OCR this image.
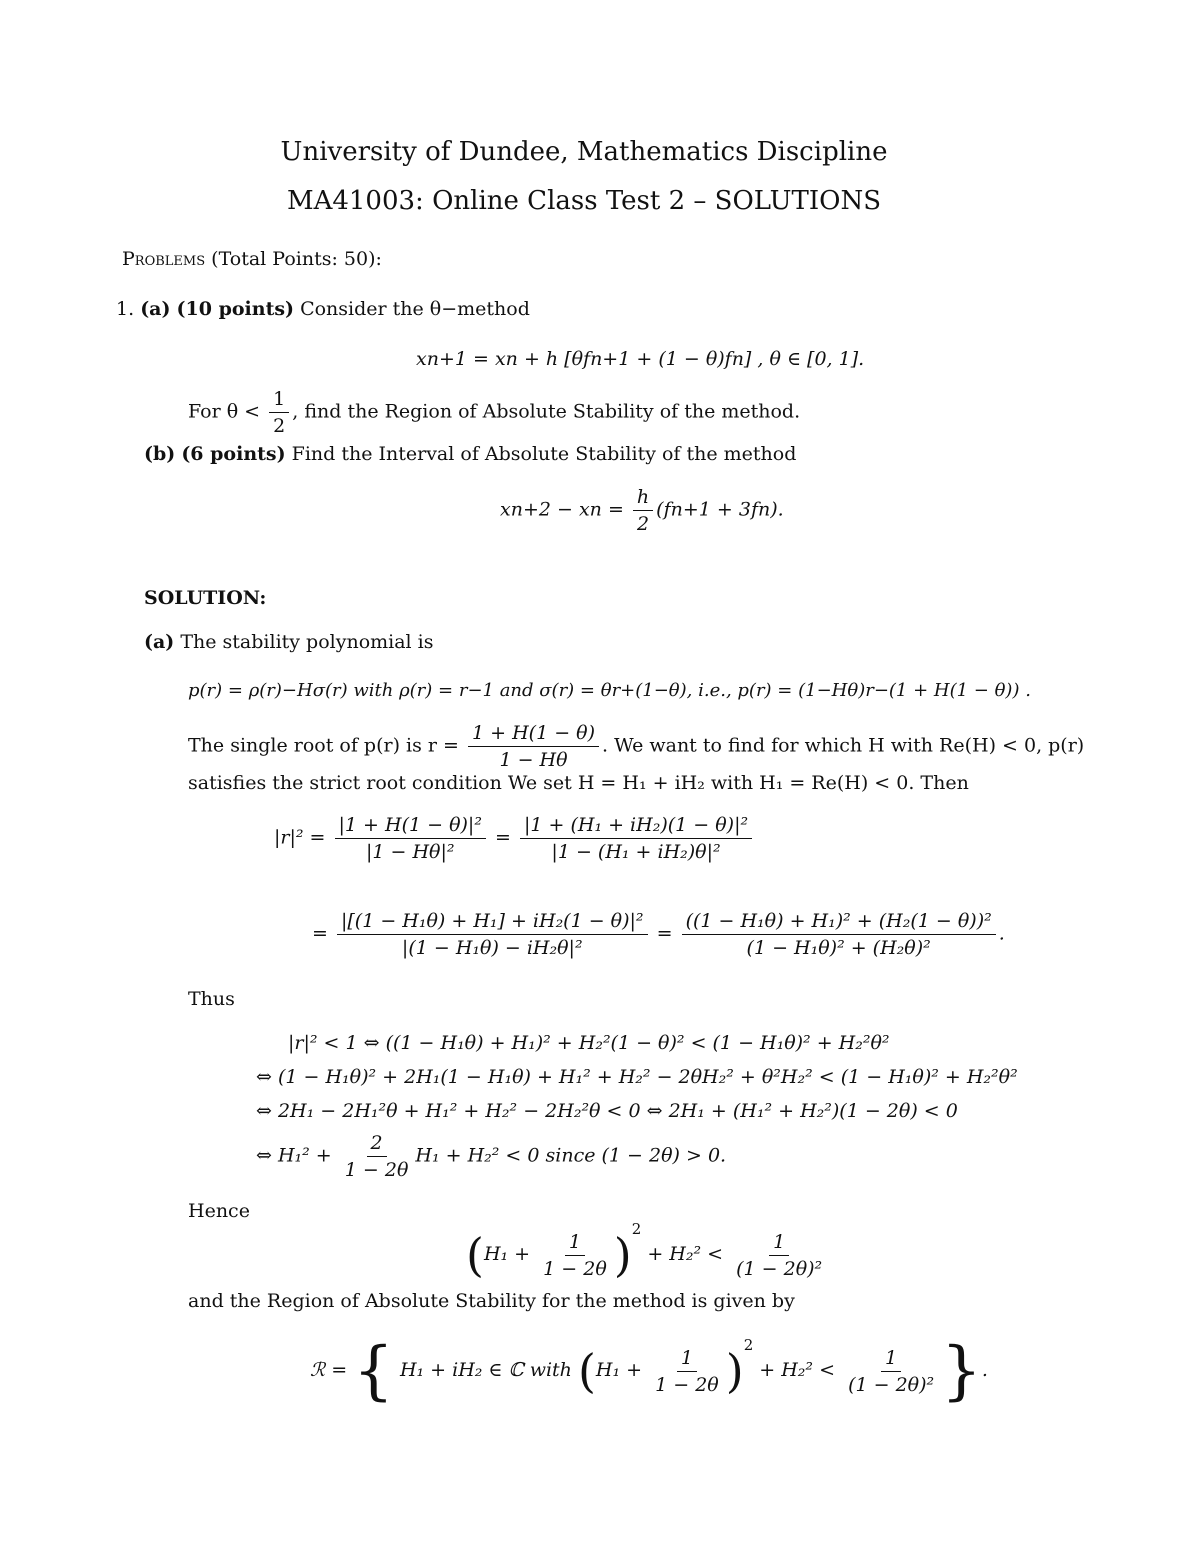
University of Dundee, Mathematics Discipline
MA41003: Online Class Test 2 – SOLUTIONS
Problems (Total Points: 50):
1. (a) (10 points) Consider the θ−method
xn+1 = xn + h [θfn+1 + (1 − θ)fn] , θ ∈ [0, 1].
For $\theta < \frac{1}{2}$ , find the Region of Absolute Stability of the method.
(b) (6 points) Find the Interval of Absolute Stability of the method
xn+2 − xn = $\frac{h}{2} (fn+1 + 3fn)$.
SOLUTION:
(a) The stability polynomial is
p(r) = ρ(r)−Hσ(r) with ρ(r) = r−1 and σ(r) = θr+(1−θ), i.e., p(r) = (1−Hθ)r−(1 + H(1 − θ)) .
The single root of p(r) is $r = \frac{1 + H(1 - \theta)}{1 - H\theta}$ . We want to find for which H with Re(H) < 0, p(r)
satisfies the strict root condition We set H = H₁ + iH₂ with H₁ = Re(H) < 0. Then
$|r|^2 = \frac{\text{|1 + H(1 − θ)|²}}{\text{|1 − Hθ|²}} = \frac{\text{|1 + (H₁ + iH₂)(1 − θ)|²}}{\text{|1 − (H₁ + iH₂)θ|²}}$
= $\frac{\text{|[(1 − H₁θ) + H₁] + iH₂(1 − θ)|²}}{\text{|(1 − H₁θ) − iH₂θ|²}} = \frac{\text{((1 − H₁θ) + H₁)² + (H₂(1 − θ))²}}{\text{(1 − H₁θ)² + (H₂θ)²}}$ .
Thus
|r|² < 1 ⇔ ((1 − H₁θ) + H₁)² + H₂²(1 − θ)² < (1 − H₁θ)² + H₂²θ²
⇔ (1 − H₁θ)² + 2H₁(1 − H₁θ) + H₁² + H₂² − 2θH₂² + θ²H₂² < (1 − H₁θ)² + H₂²θ²
⇔ 2H₁ − 2H₁²θ + H₁² + H₂² − 2H₂²θ < 0 ⇔ 2H₁ + (H₁² + H₂²)(1 − 2θ) < 0
⇔ $H_1^2 + \frac{2}{1 - 2\theta} H_1 + H_2^2 < 0$ since (1 − 2θ) > 0.
Hence
$(H_1 + \frac{1}{1 - 2\theta} )^2 + H_2^2 < \frac{1}{\text{(1 − 2θ)²}}$
and the Region of Absolute Stability for the method is given by
ℛ = { H₁ + iH₂ ∈ ℂ with $(H_1 + \frac{1}{1 - 2\theta} )^2 + H_2^2 < \frac{1}{\text{(1 − 2θ)²}}$ }.
